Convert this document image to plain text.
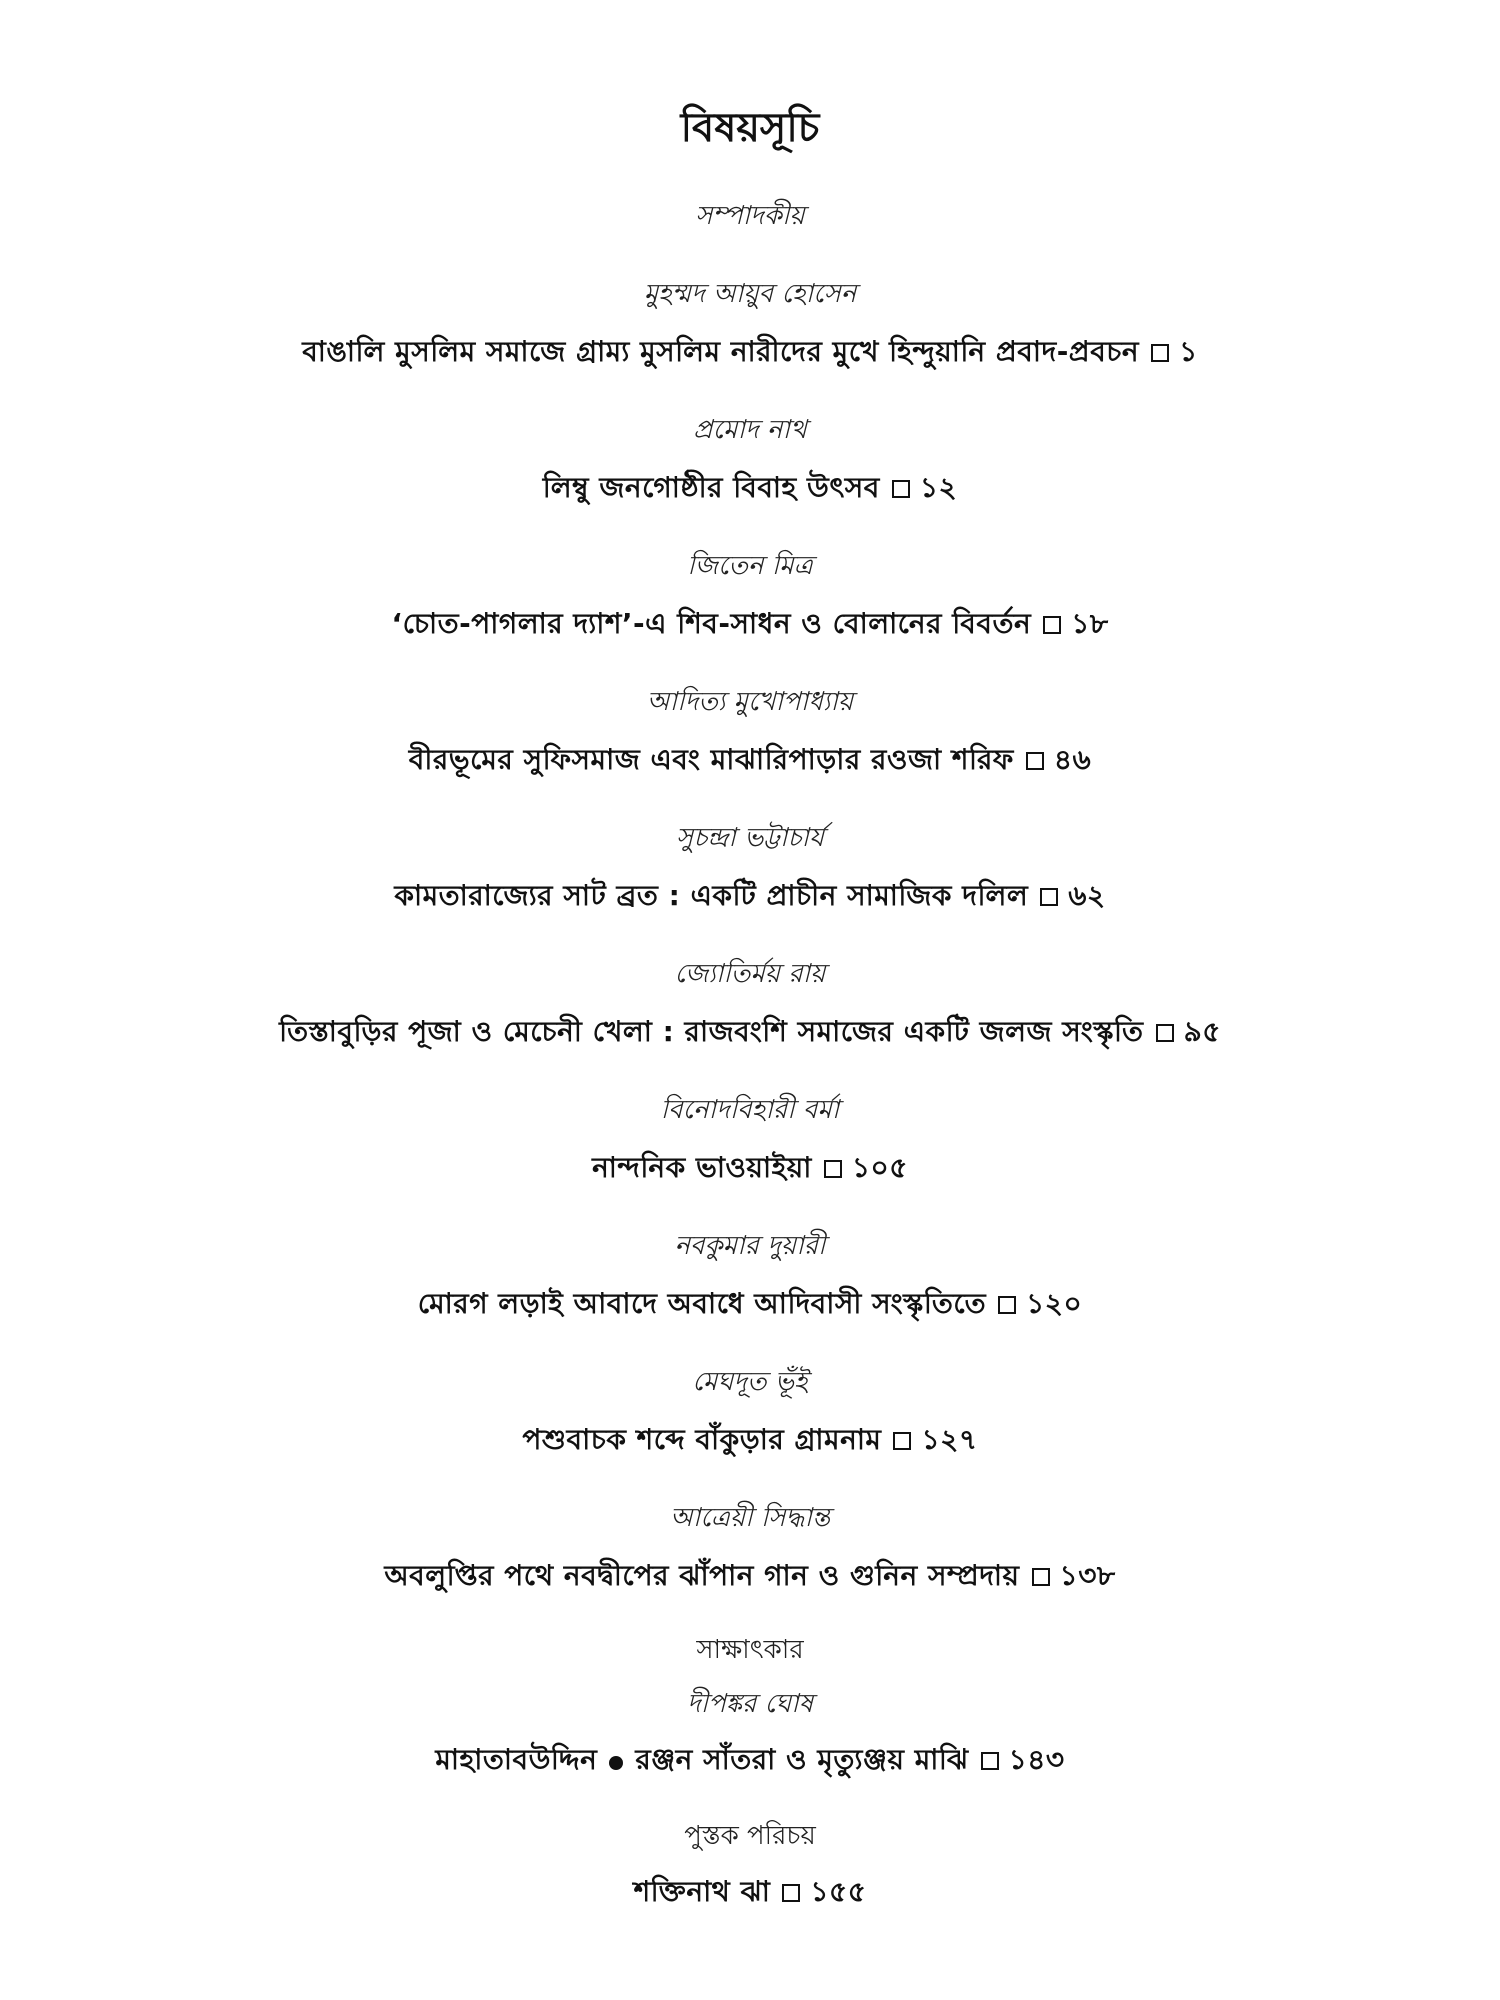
বিষয়সূচি
সম্পাদকীয়
মুহম্মদ আয়ুব হোসেন
বাঙালি মুসলিম সমাজে গ্রাম্য মুসলিম নারীদের মুখে হিন্দুয়ানি প্রবাদ-প্রবচন ১
প্রমোদ নাথ
লিম্বু জনগোষ্ঠীর বিবাহ উৎসব ১২
জিতেন মিত্র
‘চোত-পাগলার দ্যাশ’-এ শিব-সাধন ও বোলানের বিবর্তন ১৮
আদিত্য মুখোপাধ্যায়
বীরভূমের সুফিসমাজ এবং মাঝারিপাড়ার রওজা শরিফ ৪৬
সুচন্দ্রা ভট্টাচার্য
কামতারাজ্যের সাট ব্রত : একটি প্রাচীন সামাজিক দলিল ৬২
জ্যোতির্ময় রায়
তিস্তাবুড়ির পূজা ও মেচেনী খেলা : রাজবংশি সমাজের একটি জলজ সংস্কৃতি ৯৫
বিনোদবিহারী বর্মা
নান্দনিক ভাওয়াইয়া ১০৫
নবকুমার দুয়ারী
মোরগ লড়াই আবাদে অবাধে আদিবাসী সংস্কৃতিতে ১২০
মেঘদূত ভূঁই
পশুবাচক শব্দে বাঁকুড়ার গ্রামনাম ১২৭
আত্রেয়ী সিদ্ধান্ত
অবলুপ্তির পথে নবদ্বীপের ঝাঁপান গান ও গুনিন সম্প্রদায় ১৩৮
সাক্ষাৎকার
দীপঙ্কর ঘোষ
মাহাতাবউদ্দিন রঞ্জন সাঁতরা ও মৃত্যুঞ্জয় মাঝি ১৪৩
পুস্তক পরিচয়
শক্তিনাথ ঝা ১৫৫
